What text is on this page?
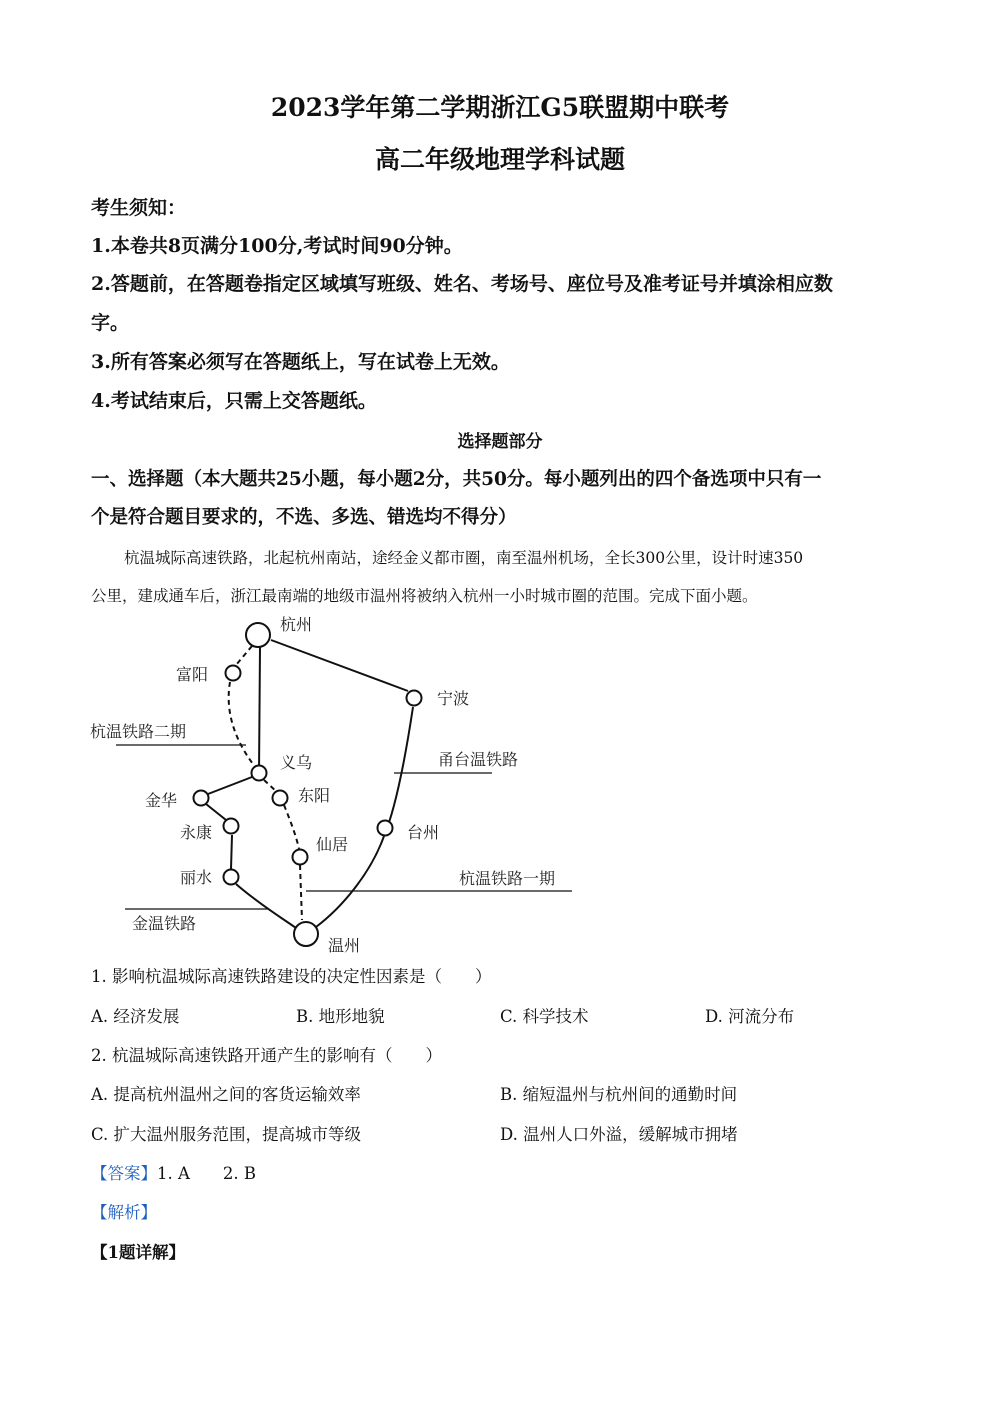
2023学年第二学期浙江G5联盟期中联考
高二年级地理学科试题
考生须知：
1.本卷共8页满分100分,考试时间90分钟。
2.答题前，在答题卷指定区域填写班级、姓名、考场号、座位号及准考证号并填涂相应数
字。
3.所有答案必须写在答题纸上，写在试卷上无效。
4.考试结束后，只需上交答题纸。
选择题部分
一、选择题（本大题共25小题，每小题2分，共50分。每小题列出的四个备选项中只有一
个是符合题目要求的，不选、多选、错选均不得分）
杭温城际高速铁路，北起杭州南站，途经金义都市圈，南至温州机场，全长300公里，设计时速350
公里，建成通车后，浙江最南端的地级市温州将被纳入杭州一小时城市圈的范围。完成下面小题。
杭州
富阳
宁波
杭温铁路二期
义乌	甬台温铁路
东阳
金华
永康	台州
仙居
丽水	杭温铁路一期
金温铁路
温州
1. 影响杭温城际高速铁路建设的决定性因素是（　　）
A. 经济发展	B. 地形地貌	C. 科学技术	D. 河流分布
2. 杭温城际高速铁路开通产生的影响有（　　）
A. 提高杭州温州之间的客货运输效率	B. 缩短温州与杭州间的通勤时间
C. 扩大温州服务范围，提高城市等级	D. 温州人口外溢，缓解城市拥堵
【答案】1. A　　2. B
【解析】
【1题详解】
